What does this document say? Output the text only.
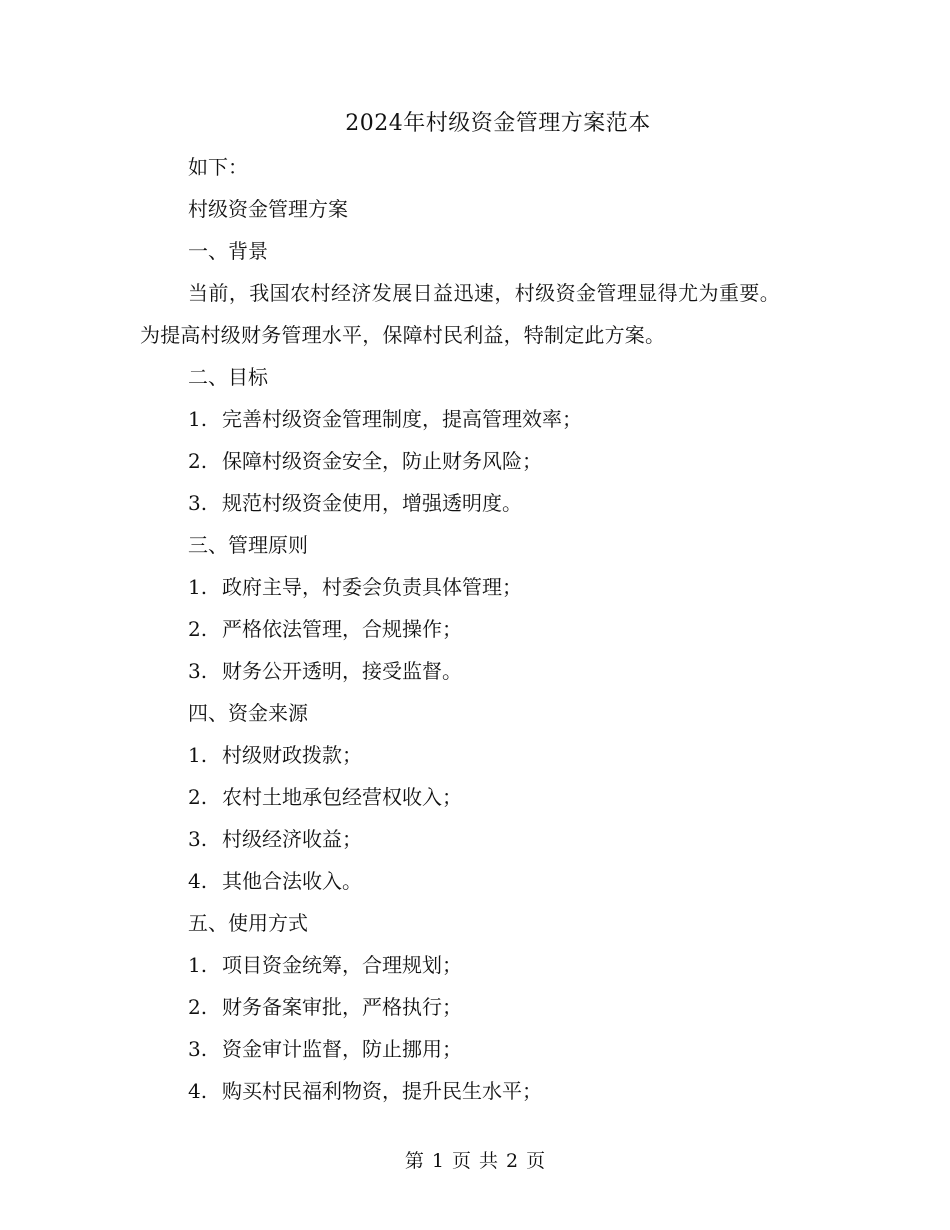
2024年村级资金管理方案范本
如下：
村级资金管理方案
一、背景

当前，我国农村经济发展日益迅速，村级资金管理显得尤为重要。为提高村级财务管理水平，保障村民利益，特制定此方案。

二、目标
1. 完善村级资金管理制度，提高管理效率；
2. 保障村级资金安全，防止财务风险；
3. 规范村级资金使用，增强透明度。
三、管理原则
1. 政府主导，村委会负责具体管理；
2. 严格依法管理，合规操作；
3. 财务公开透明，接受监督。
四、资金来源
1. 村级财政拨款；
2. 农村土地承包经营权收入；
3. 村级经济收益；
4. 其他合法收入。
五、使用方式
1. 项目资金统筹，合理规划；
2. 财务备案审批，严格执行；
3. 资金审计监督，防止挪用；
4. 购买村民福利物资，提升民生水平；
第 1 页 共 2 页
